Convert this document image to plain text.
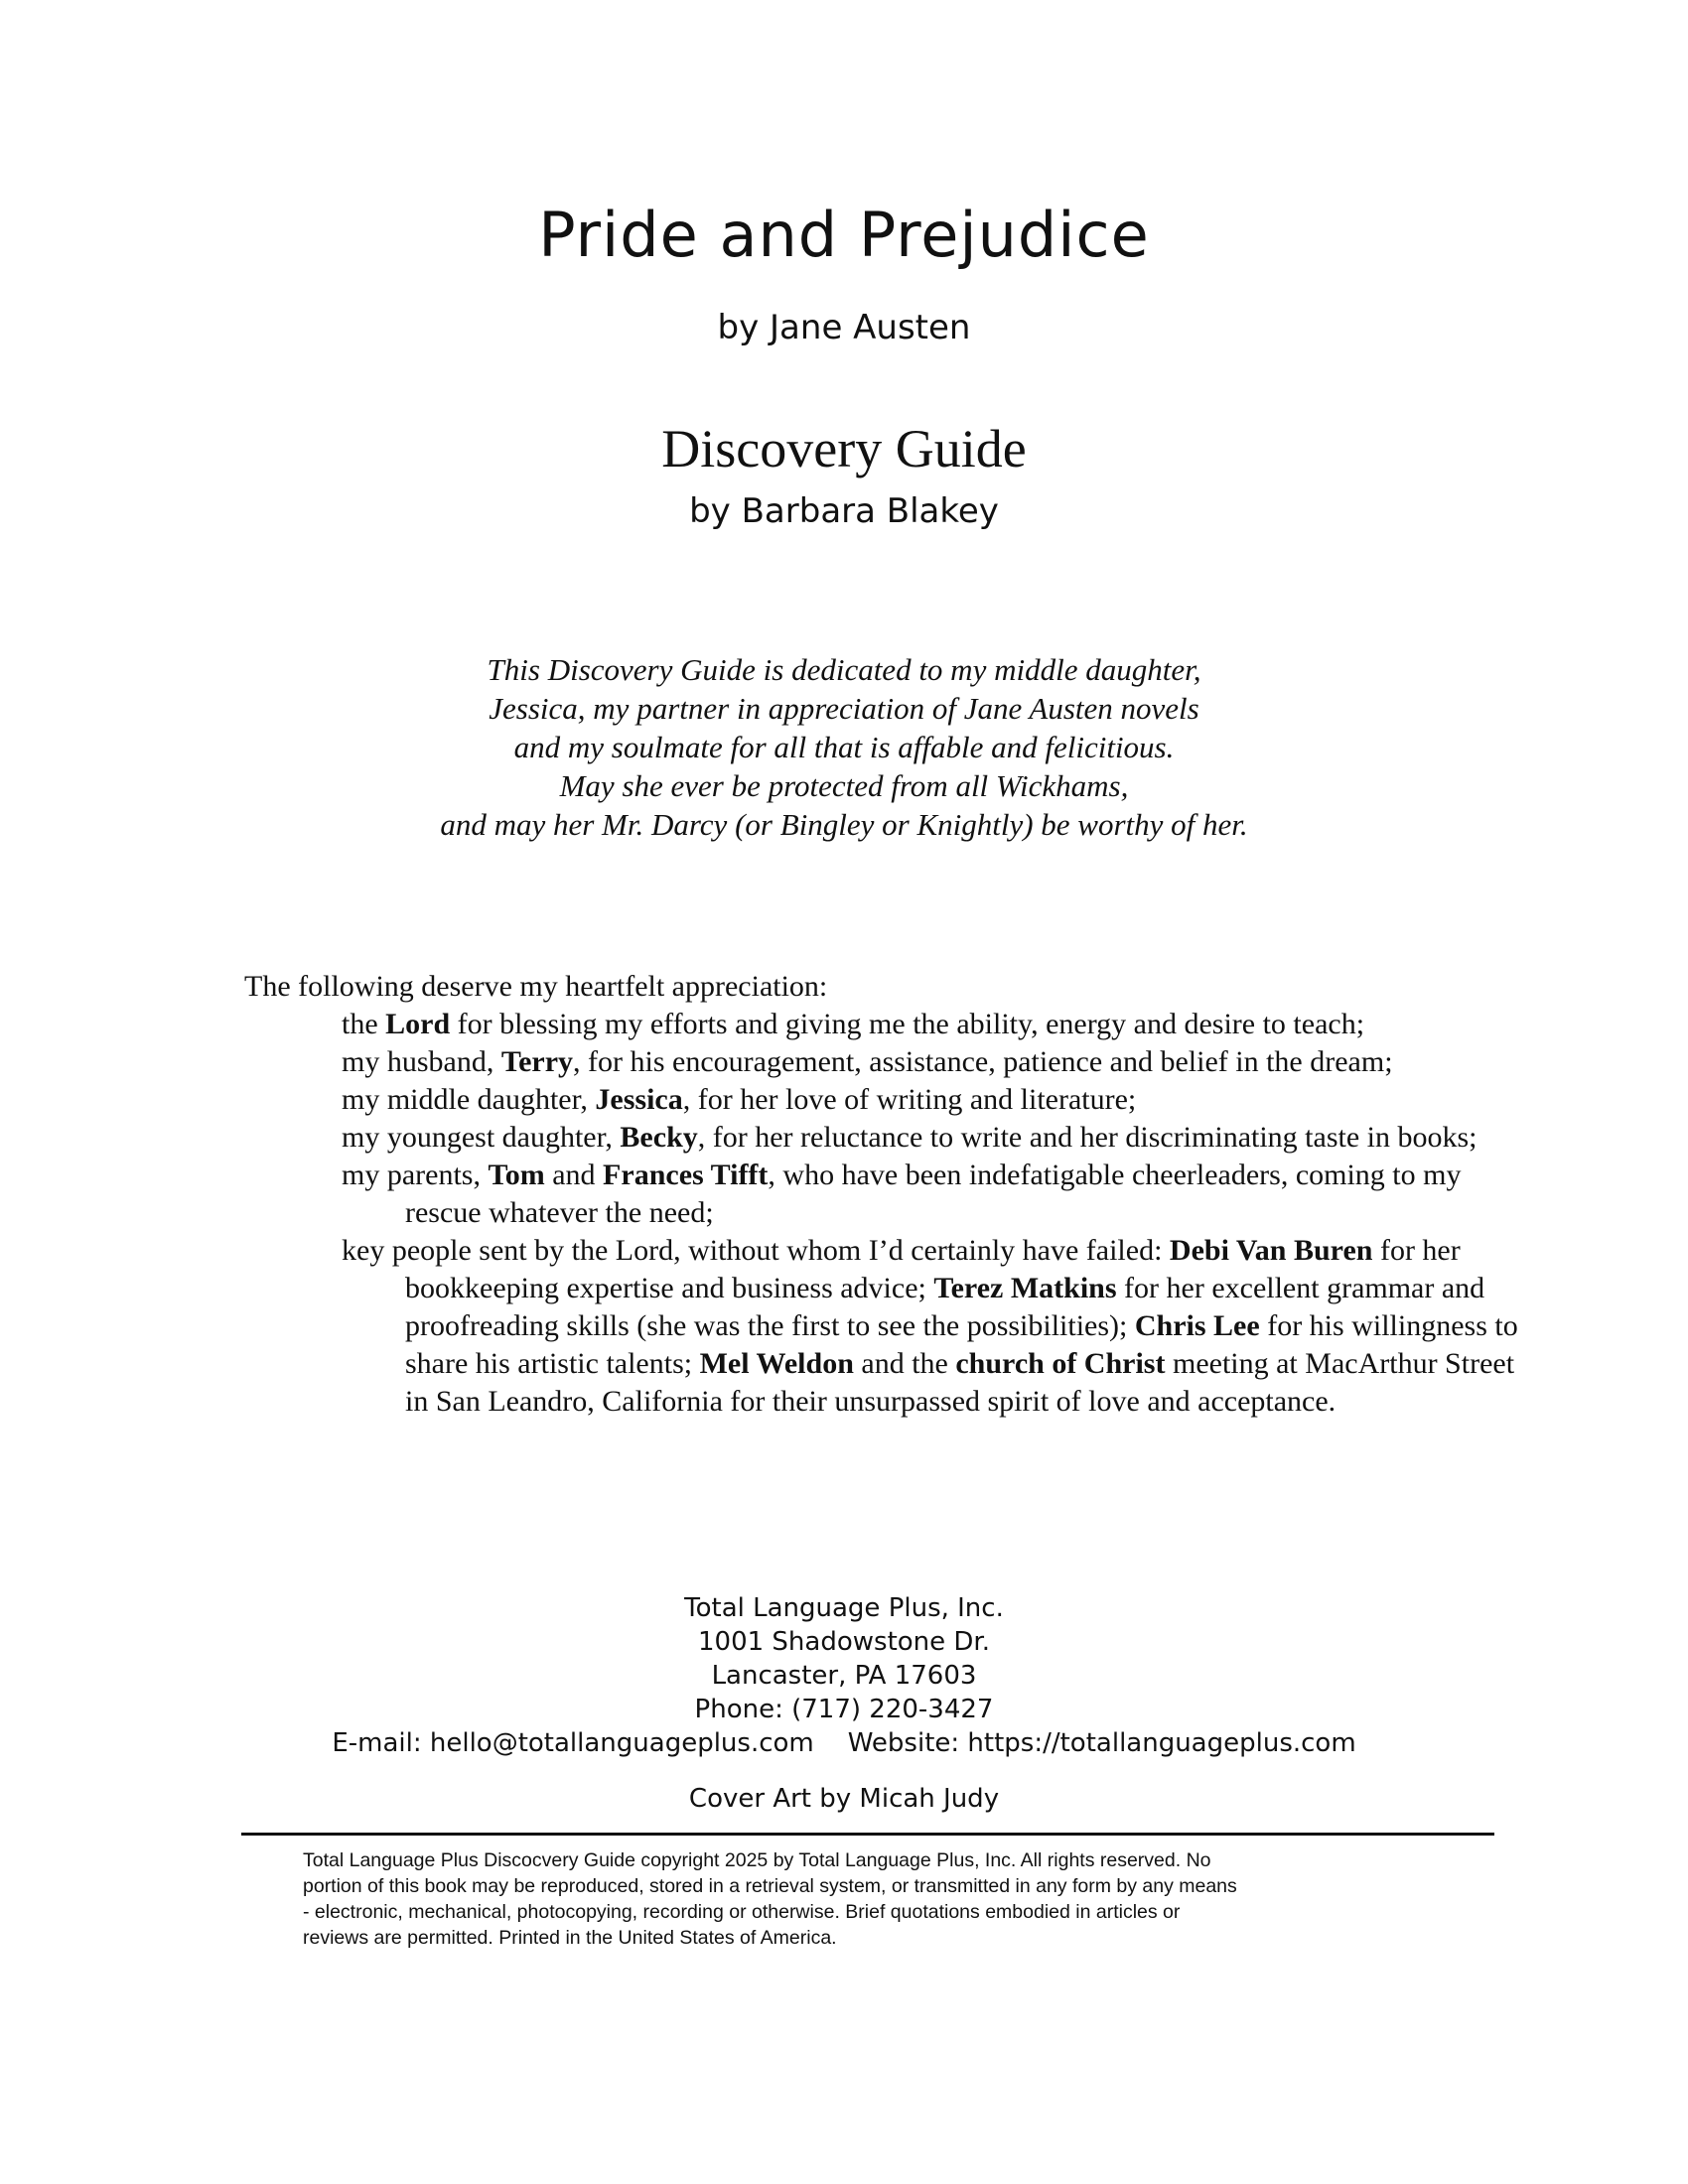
Pride and Prejudice
by Jane Austen
Discovery Guide
by Barbara Blakey
This Discovery Guide is dedicated to my middle daughter,
Jessica, my partner in appreciation of Jane Austen novels
and my soulmate for all that is affable and felicitious.
May she ever be protected from all Wickhams,
and may her Mr. Darcy (or Bingley or Knightly) be worthy of her.

The following deserve my heartfelt appreciation:

the Lord for blessing my efforts and giving me the ability, energy and desire to teach;
my husband, Terry, for his encouragement, assistance, patience and belief in the dream;
my middle daughter, Jessica, for her love of writing and literature;
my youngest daughter, Becky, for her reluctance to write and her discriminating taste in books;
my parents, Tom and Frances Tifft, who have been indefatigable cheerleaders, coming to my rescue whatever the need;
key people sent by the Lord, without whom I’d certainly have failed: Debi Van Buren for her bookkeeping expertise and business advice; Terez Matkins for her excellent grammar and proofreading skills (she was the first to see the possibilities); Chris Lee for his willingness to share his artistic talents; Mel Weldon and the church of Christ meeting at MacArthur Street in San Leandro, California for their unsurpassed spirit of love and acceptance.
Total Language Plus, Inc.
1001 Shadowstone Dr.
Lancaster, PA 17603
Phone: (717) 220-3427
E-mail: hello@totallanguageplus.com Website: https://totallanguageplus.com
Cover Art by Micah Judy
Total Language Plus Discocvery Guide copyright 2025 by Total Language Plus, Inc. All rights reserved. No
portion of this book may be reproduced, stored in a retrieval system, or transmitted in any form by any means
- electronic, mechanical, photocopying, recording or otherwise. Brief quotations embodied in articles or
reviews are permitted. Printed in the United States of America.
